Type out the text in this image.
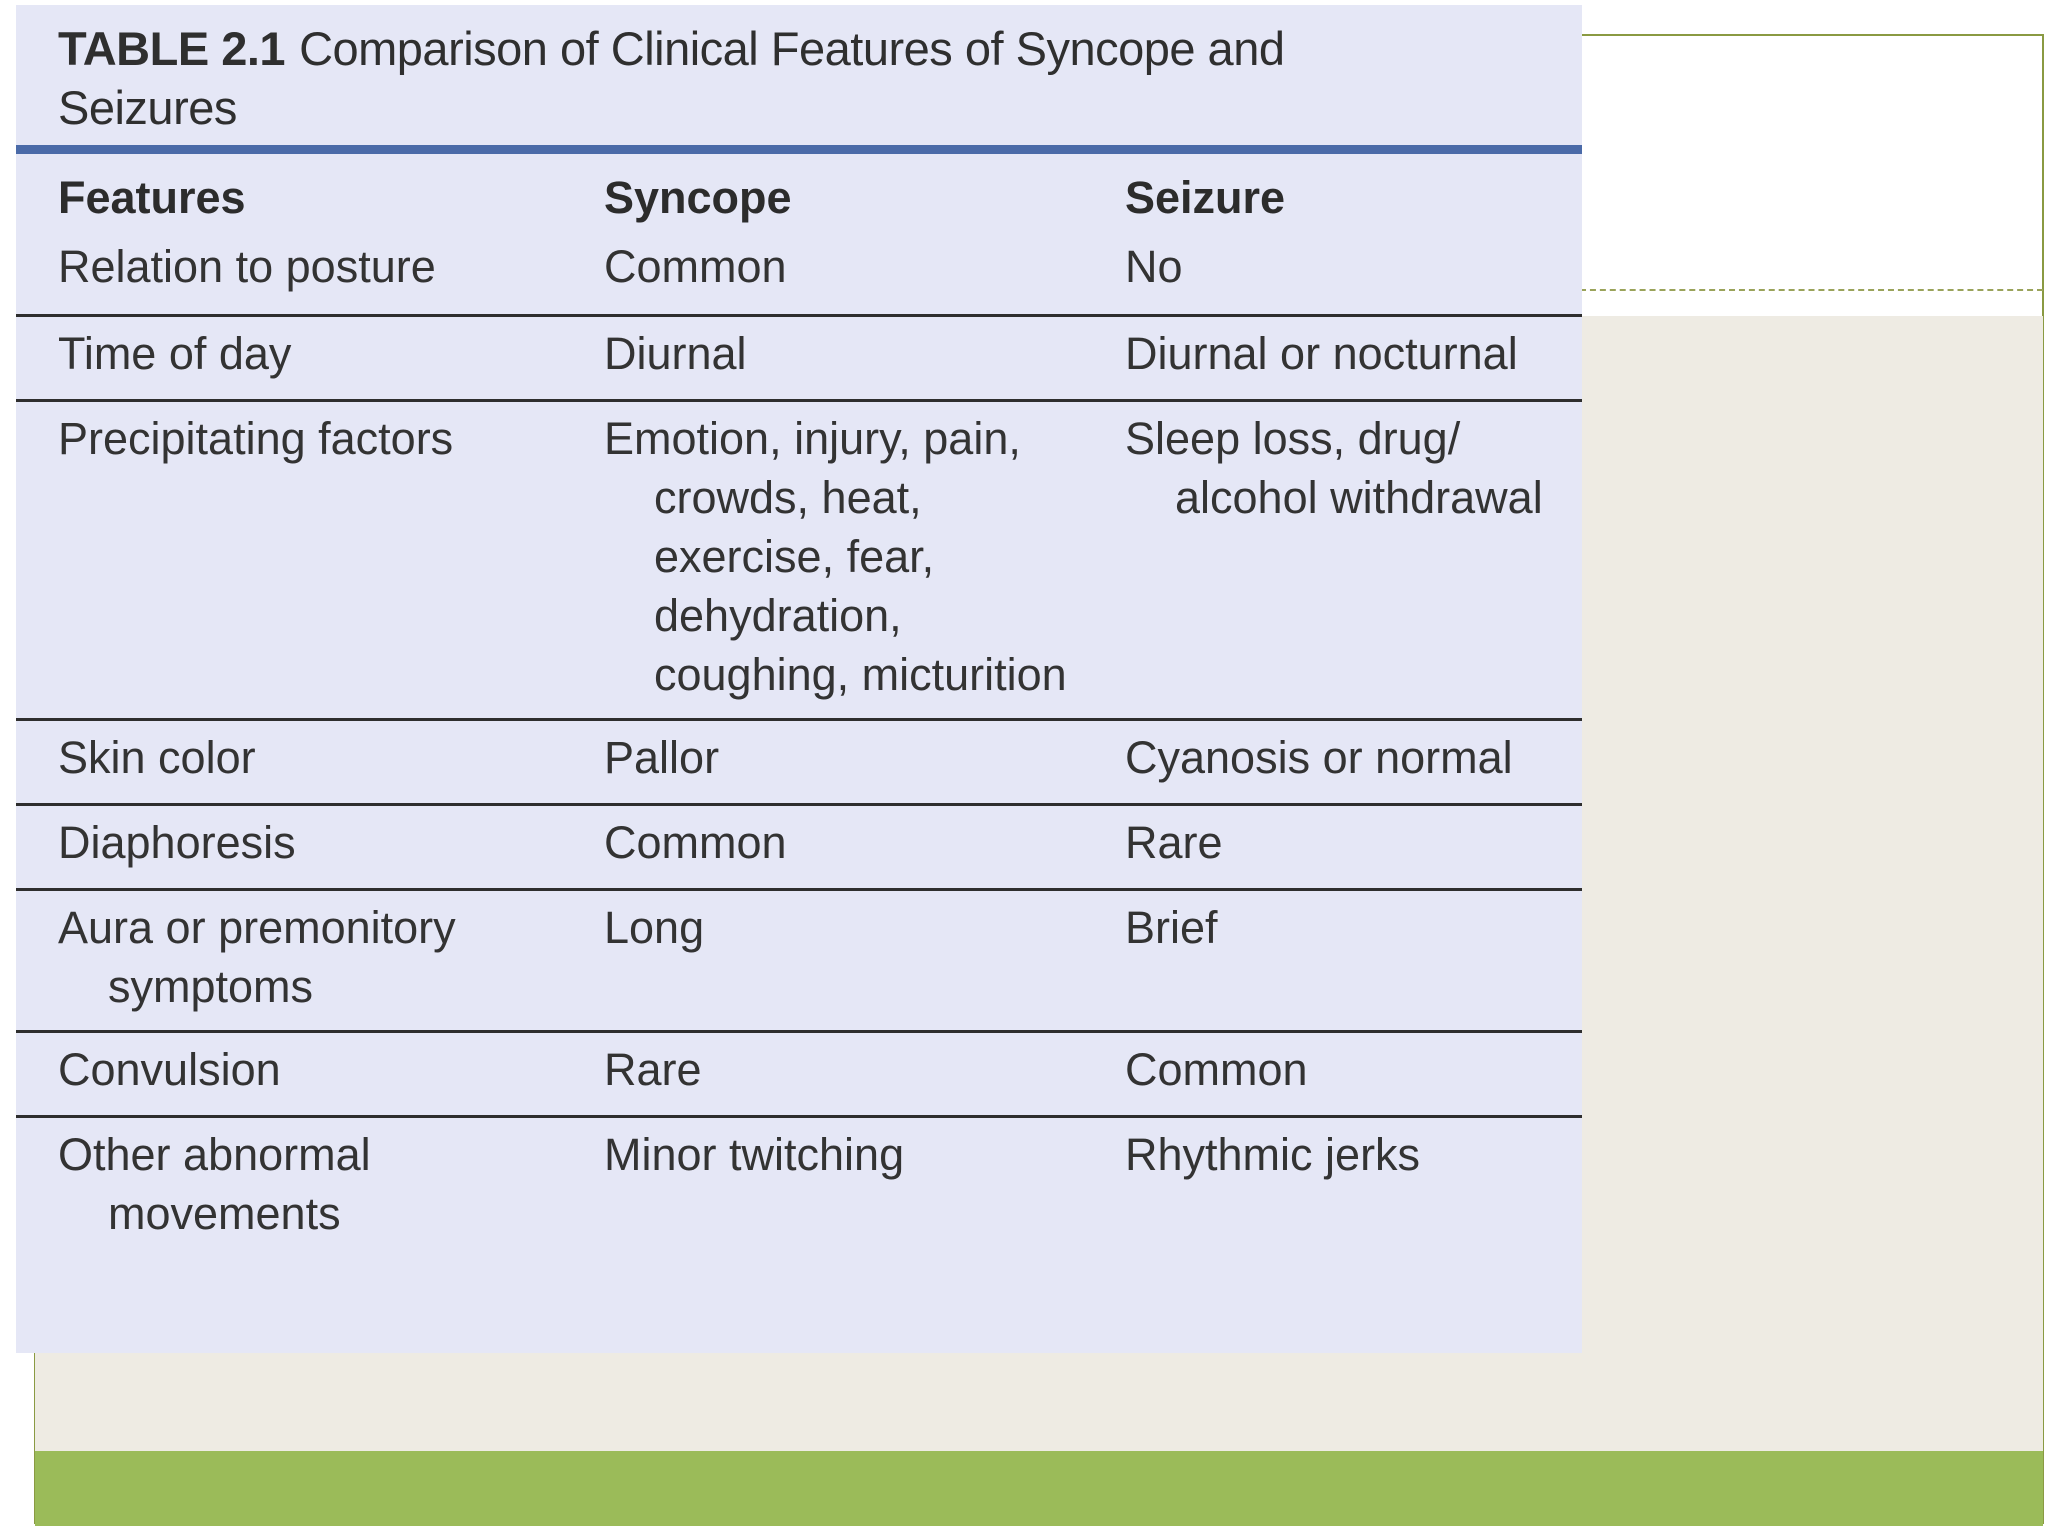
TABLE 2.1 Comparison of Clinical Features of Syncope and Seizures
Features	Syncope	Seizure

Relation to posture	Common	No

Time of day	Diurnal	Diurnal or nocturnal

Precipitating factors	Emotion, injury, pain, crowds, heat, exercise, fear, dehydration, coughing, micturition	Sleep loss, drug/ alcohol withdrawal

Skin color	Pallor	Cyanosis or normal

Diaphoresis	Common	Rare

Aura or premonitory symptoms	Long	Brief

Convulsion	Rare	Common

Other abnormal movements	Minor twitching	Rhythmic jerks
